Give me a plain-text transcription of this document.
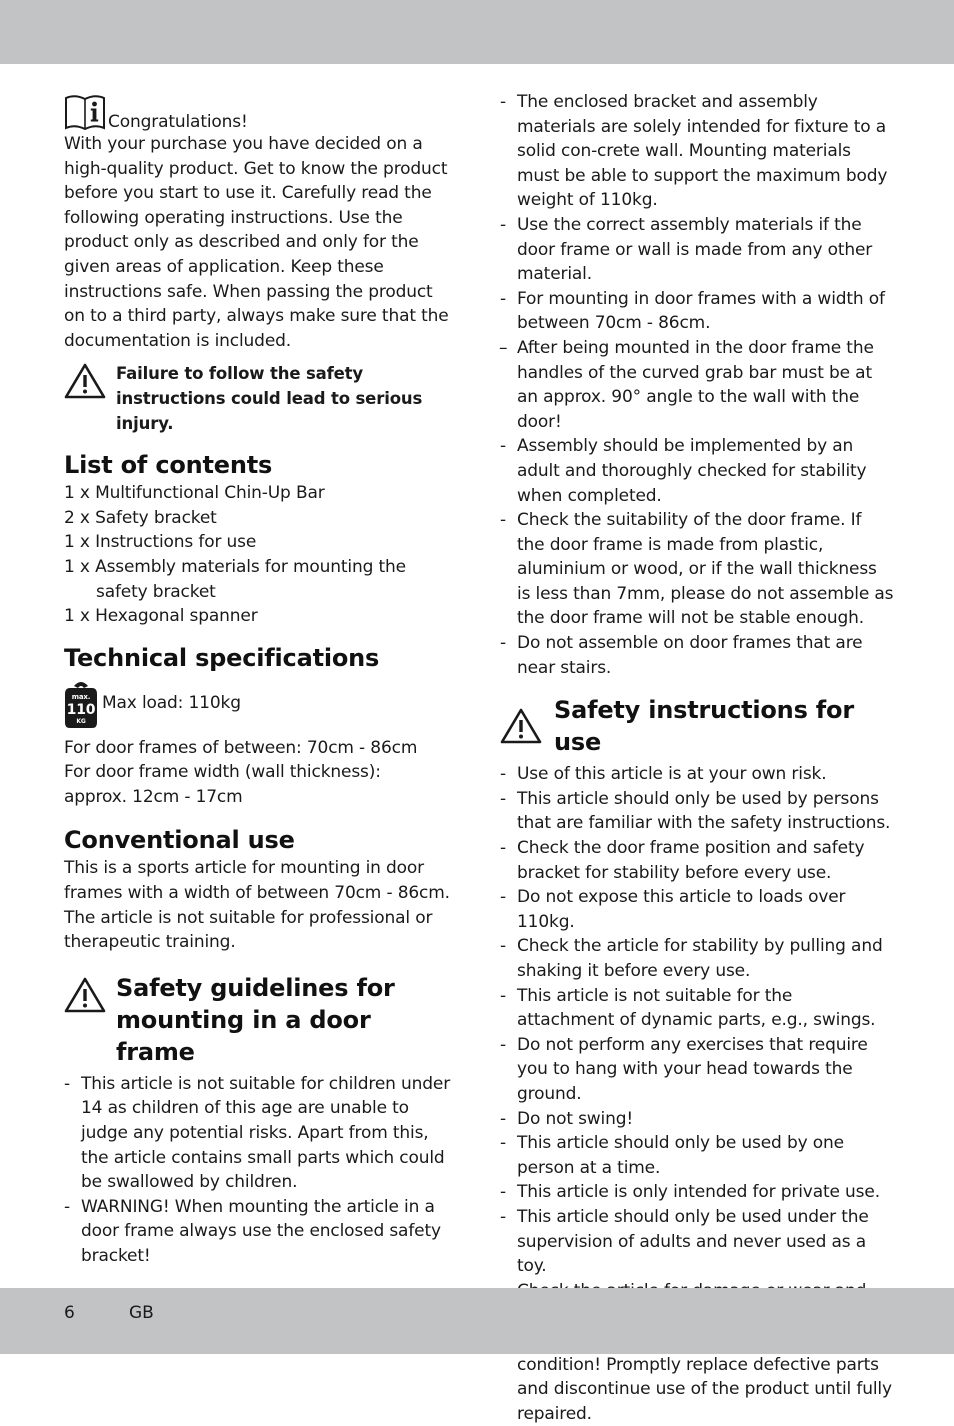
Congratulations!

With your purchase you have decided on a high-quality product. Get to know the product before you start to use it. Carefully read the following operating instructions. Use the product only as described and only for the given areas of application. Keep these instructions safe. When passing the product on to a third party, always make sure that the documentation is included.

Failure to follow the safety
instructions could lead to serious
injury.
List of contents
1 x Multifunctional Chin-Up Bar
2 x Safety bracket
1 x Instructions for use
1 x Assembly materials for mounting the safety bracket
1 x Hexagonal spanner
Technical specifications
max.
110
KG
Max load: 110kg

For door frames of between: 70cm - 86cm

For door frame width (wall thickness):

approx. 12cm - 17cm

Conventional use

This is a sports article for mounting in door frames with a width of between 70cm - 86cm. The article is not suitable for professional or therapeutic training.

Safety guidelines for
mounting in a door frame
- This article is not suitable for children under 14 as children of this age are unable to judge any potential risks. Apart from this, the article contains small parts which could be swallowed by children.
- WARNING! When mounting the article in a door frame always use the enclosed safety bracket!
- The enclosed bracket and assembly materials are solely intended for fixture to a solid con-crete wall. Mounting materials must be able to support the maximum body weight of 110kg.
- Use the correct assembly materials if the door frame or wall is made from any other material.
- For mounting in door frames with a width of between 70cm - 86cm.
– After being mounted in the door frame the handles of the curved grab bar must be at an approx. 90° angle to the wall with the door!
- Assembly should be implemented by an adult and thoroughly checked for stability when completed.
- Check the suitability of the door frame. If the door frame is made from plastic, aluminium or wood, or if the wall thickness is less than 7mm, please do not assemble as the door frame will not be stable enough.
- Do not assemble on door frames that are near stairs.
Safety instructions for use
- Use of this article is at your own risk.
- This article should only be used by persons that are familiar with the safety instructions.
- Check the door frame position and safety bracket for stability before every use.
- Do not expose this article to loads over 110kg.
- Check the article for stability by pulling and shaking it before every use.
- This article is not suitable for the attachment of dynamic parts, e.g., swings.
- Do not perform any exercises that require you to hang with your head towards the ground.
- Do not swing!
- This article should only be used by one person at a time.
- This article is only intended for private use.
- This article should only be used under the supervision of adults and never used as a toy.

- condition! Promptly replace defective parts and discontinue use of the product until fully repaired.
6	GB
